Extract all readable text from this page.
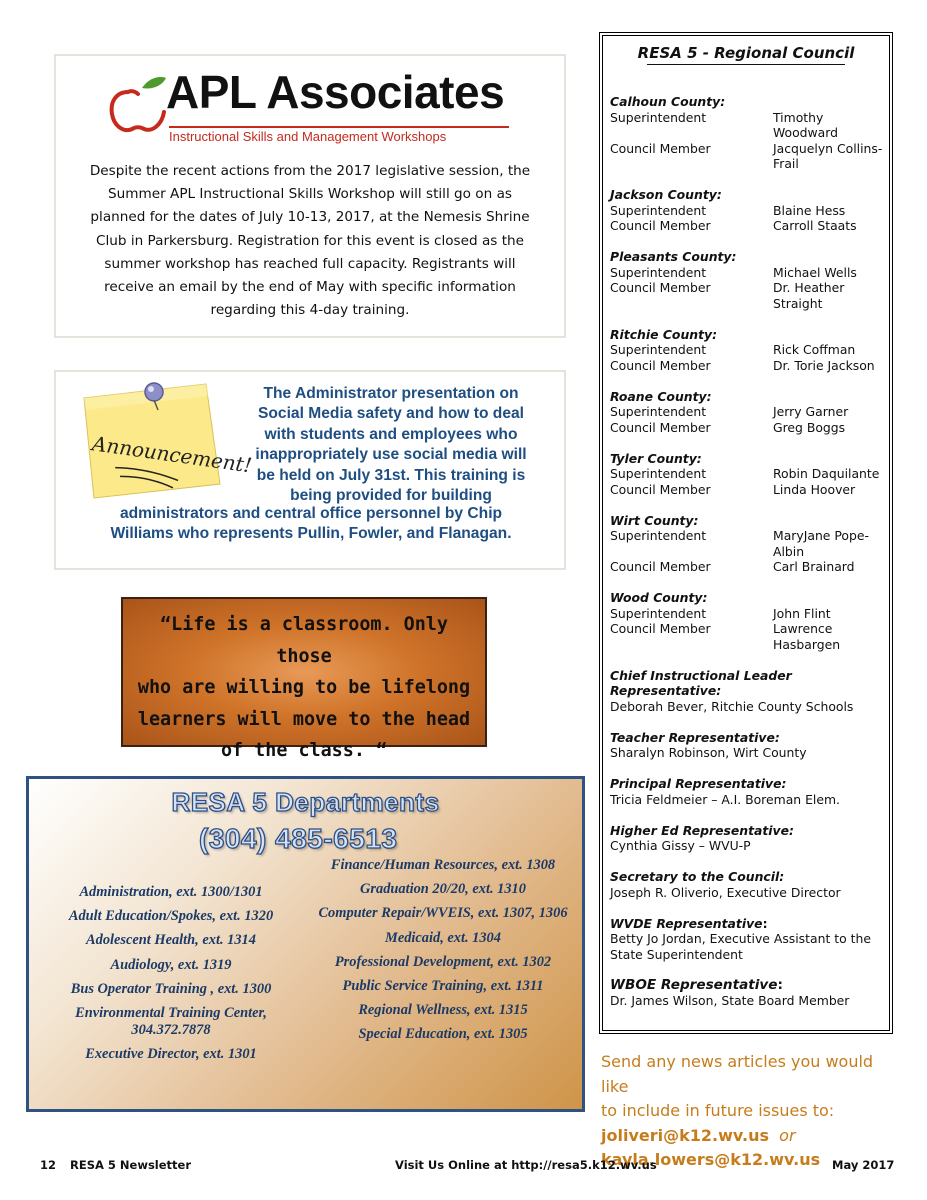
APL Associates
Instructional Skills and Management Workshops
Despite the recent actions from the 2017 legislative session, the
Summer APL Instructional Skills Workshop will still go on as
planned for the dates of July 10-13, 2017, at the Nemesis Shrine
Club in Parkersburg. Registration for this event is closed as the
summer workshop has reached full capacity. Registrants will
receive an email by the end of May with specific information
regarding this 4-day training.
Announcement!
The Administrator presentation on
Social Media safety and how to deal
with students and employees who
inappropriately use social media will
be held on July 31st. This training is
being provided for building
administrators and central office personnel by Chip
Williams who represents Pullin, Fowler, and Flanagan.
“Life is a classroom. Only those
who are willing to be lifelong
learners will move to the head
of the class. “
RESA 5 Departments
(304) 485-6513
Administration, ext. 1300/1301
Adult Education/Spokes, ext. 1320
Adolescent Health, ext. 1314
Audiology, ext. 1319
Bus Operator Training , ext. 1300
Environmental Training Center, 304.372.7878
Executive Director, ext. 1301
Finance/Human Resources, ext. 1308
Graduation 20/20, ext. 1310
Computer Repair/WVEIS, ext. 1307, 1306
Medicaid, ext. 1304
Professional Development, ext. 1302
Public Service Training, ext. 1311
Regional Wellness, ext. 1315
Special Education, ext. 1305
RESA 5 - Regional Council
Calhoun County:
Superintendent	Timothy Woodward
Council Member	Jacquelyn Collins-Frail
Jackson County:
Superintendent	Blaine Hess
Council Member	Carroll Staats
Pleasants County:
Superintendent	Michael Wells
Council Member	Dr. Heather Straight
Ritchie County:
Superintendent	Rick Coffman
Council Member	Dr. Torie Jackson
Roane County:
Superintendent	Jerry Garner
Council Member	Greg Boggs
Tyler County:
Superintendent	Robin Daquilante
Council Member	Linda Hoover
Wirt County:
Superintendent	MaryJane Pope-Albin
Council Member	Carl Brainard
Wood County:
Superintendent	John Flint
Council Member	Lawrence Hasbargen
Chief Instructional Leader Representative:
Deborah Bever, Ritchie County Schools
Teacher Representative:
Sharalyn Robinson, Wirt County
Principal Representative:
Tricia Feldmeier – A.I. Boreman Elem.
Higher Ed Representative:
Cynthia Gissy – WVU-P
Secretary to the Council:
Joseph R. Oliverio, Executive Director
WVDE Representative:
Betty Jo Jordan, Executive Assistant to the State Superintendent
WBOE Representative:
Dr. James Wilson, State Board Member
Send any news articles you would like
to include in future issues to:
joliveri@k12.wv.us or
kayla.lowers@k12.wv.us
12 RESA 5 Newsletter	Visit Us Online at http://resa5.k12.wv.us	May 2017
